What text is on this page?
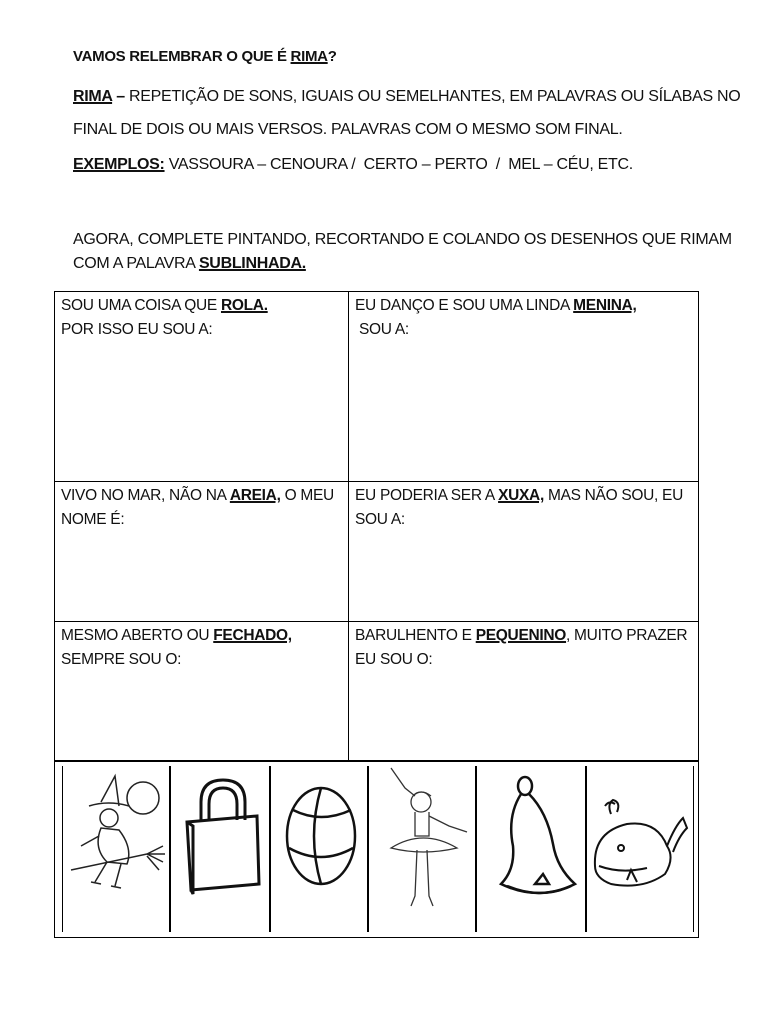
VAMOS RELEMBRAR O QUE É RIMA?
RIMA – REPETIÇÃO DE SONS, IGUAIS OU SEMELHANTES, EM PALAVRAS OU SÍLABAS NO
FINAL DE DOIS OU MAIS VERSOS. PALAVRAS COM O MESMO SOM FINAL.
EXEMPLOS: VASSOURA – CENOURA /  CERTO – PERTO  /  MEL – CÉU, ETC.
AGORA, COMPLETE PINTANDO, RECORTANDO E COLANDO OS DESENHOS QUE RIMAM
COM A PALAVRA SUBLINHADA.
SOU UMA COISA QUE ROLA.
POR ISSO EU SOU A:
EU DANÇO E SOU UMA LINDA MENINA,
SOU A:
VIVO NO MAR, NÃO NA AREIA, O MEU
NOME É:
EU PODERIA SER A XUXA, MAS NÃO SOU, EU
SOU A:
MESMO ABERTO OU FECHADO,
SEMPRE SOU O:
BARULHENTO E PEQUENINO, MUITO PRAZER
EU SOU O:
